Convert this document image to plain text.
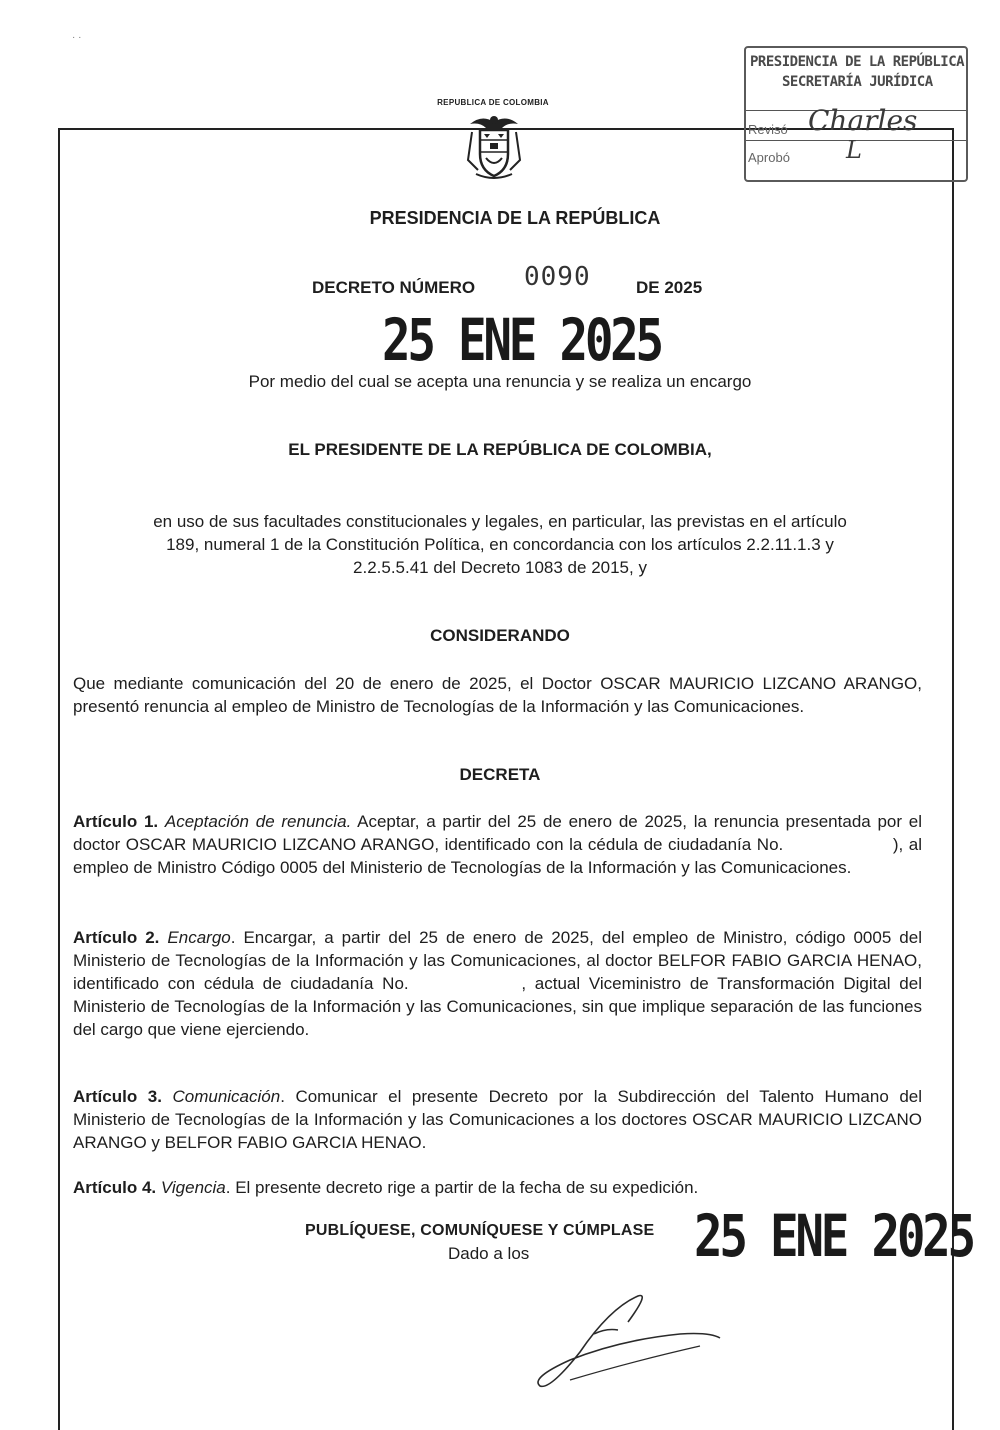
· ·
PRESIDENCIA DE LA REPÚBLICA
SECRETARÍA JURÍDICA
Revisó
Aprobó
Charles
L
REPUBLICA DE COLOMBIA
PRESIDENCIA DE LA REPÚBLICA
DECRETO NÚMERO 0090	DE 2025
25 ENE 2025
Por medio del cual se acepta una renuncia y se realiza un encargo
EL PRESIDENTE DE LA REPÚBLICA DE COLOMBIA,
en uso de sus facultades constitucionales y legales, en particular, las previstas en el artículo
189, numeral 1 de la Constitución Política, en concordancia con los artículos 2.2.11.1.3 y
2.2.5.5.41 del Decreto 1083 de 2015, y
CONSIDERANDO
Que mediante comunicación del 20 de enero de 2025, el Doctor OSCAR MAURICIO LIZCANO ARANGO, presentó renuncia al empleo de Ministro de Tecnologías de la Información y las Comunicaciones.
DECRETA
Artículo 1. Aceptación de renuncia. Aceptar, a partir del 25 de enero de 2025, la renuncia presentada por el doctor OSCAR MAURICIO LIZCANO ARANGO, identificado con la cédula de ciudadanía No.	), al empleo de Ministro Código 0005 del Ministerio de Tecnologías de la Información y las Comunicaciones.
Artículo 2. Encargo. Encargar, a partir del 25 de enero de 2025, del empleo de Ministro, código 0005 del Ministerio de Tecnologías de la Información y las Comunicaciones, al doctor BELFOR FABIO GARCIA HENAO, identificado con cédula de ciudadanía No.	, actual Viceministro de Transformación Digital del Ministerio de Tecnologías de la Información y las Comunicaciones, sin que implique separación de las funciones del cargo que viene ejerciendo.
Artículo 3. Comunicación. Comunicar el presente Decreto por la Subdirección del Talento Humano del Ministerio de Tecnologías de la Información y las Comunicaciones a los doctores OSCAR MAURICIO LIZCANO ARANGO y BELFOR FABIO GARCIA HENAO.
Artículo 4. Vigencia. El presente decreto rige a partir de la fecha de su expedición.
PUBLÍQUESE, COMUNÍQUESE Y CÚMPLASE
Dado a los	25 ENE 2025
